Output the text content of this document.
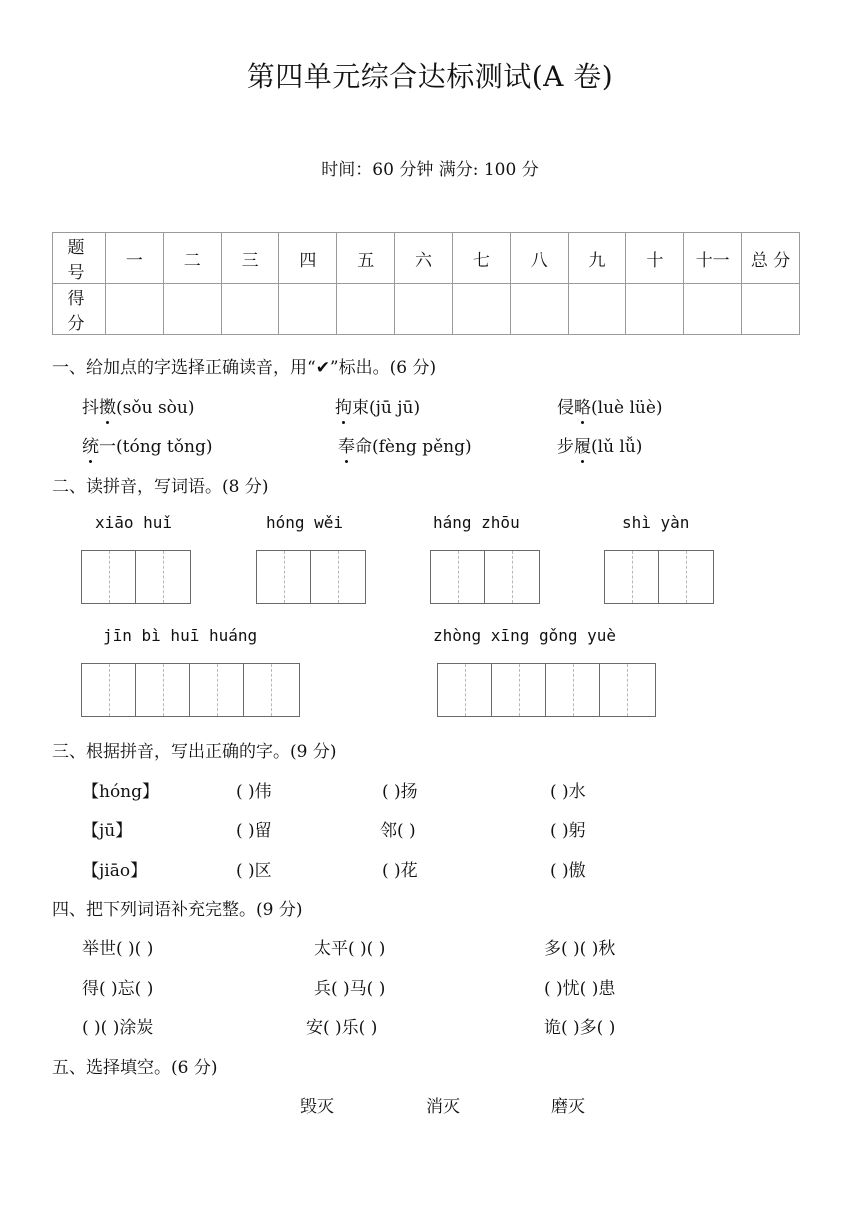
第四单元综合达标测试(A 卷)
时间：60 分钟 满分: 100 分
题 号	一	二	三	四	五	六	七	八	九	十	十一	总 分
得 分												
一、给加点的字选择正确读音，用“✔”标出。(6 分)
抖擞(sǒu sòu)	拘束(jū jū)	侵略(luè lüè)
统一(tóng tǒng)	奉命(fèng pěng)	步履(lǔ lǚ)
二、读拼音，写词语。(8 分)
xiāo huǐ	hóng wěi	háng zhōu	shì yàn
jīn bì huī huáng	zhòng xīng gǒng yuè
三、根据拼音，写出正确的字。(9 分)
【hóng】	( )伟	( )扬	( )水
【jū】	( )留	邻( )	( )躬
【jiāo】	( )区	( )花	( )傲
四、把下列词语补充完整。(9 分)
举世( )( )	太平( )( )	多( )( )秋
得( )忘( )	兵( )马( )	( )忧( )患
( )( )涂炭	安( )乐( )	诡( )多( )
五、选择填空。(6 分)
毁灭	消灭	磨灭
